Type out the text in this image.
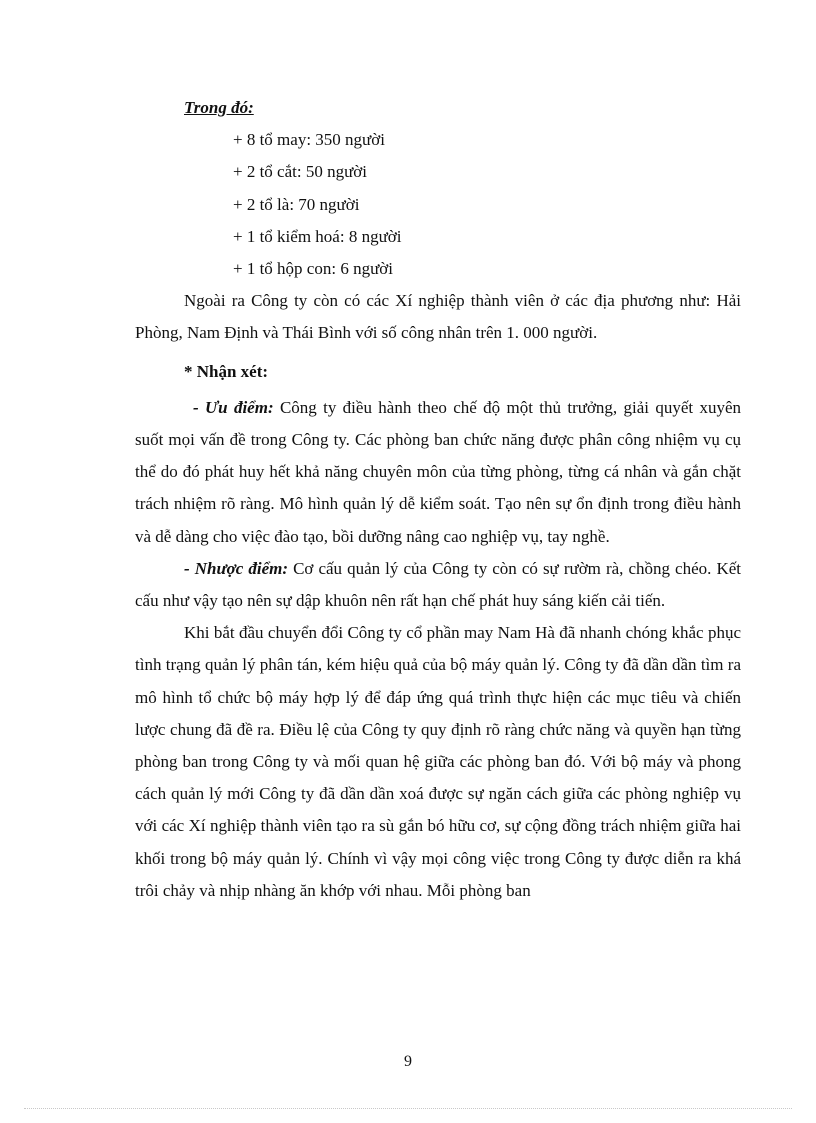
Trong đó:

+ 8 tổ may: 350 người
+ 2 tổ cắt: 50 người
+ 2 tổ là: 70 người
+ 1 tổ kiểm hoá: 8 người
+ 1 tổ hộp con: 6 người

Ngoài ra Công ty còn có các Xí nghiệp thành viên ở các địa phương như: Hải Phòng, Nam Định và Thái Bình với số công nhân trên 1. 000 người.

* Nhận xét:

- Ưu điểm: Công ty điều hành theo chế độ một thủ trưởng, giải quyết xuyên suốt mọi vấn đề trong Công ty. Các phòng ban chức năng được phân công nhiệm vụ cụ thể do đó phát huy hết khả năng chuyên môn của từng phòng, từng cá nhân và gắn chặt trách nhiệm rõ ràng. Mô hình quản lý dễ kiểm soát. Tạo nên sự ổn định trong điều hành và dễ dàng cho việc đào tạo, bồi dưỡng nâng cao nghiệp vụ, tay nghề.

- Nhược điểm: Cơ cấu quản lý của Công ty còn có sự rườm rà, chồng chéo. Kết cấu như vậy tạo nên sự dập khuôn nên rất hạn chế phát huy sáng kiến cải tiến.

Khi bắt đầu chuyển đổi Công ty cổ phần may Nam Hà đã nhanh chóng khắc phục tình trạng quản lý phân tán, kém hiệu quả của bộ máy quản lý. Công ty đã dần dần tìm ra mô hình tổ chức bộ máy hợp lý để đáp ứng quá trình thực hiện các mục tiêu và chiến lược chung đã đề ra. Điều lệ của Công ty quy định rõ ràng chức năng và quyền hạn từng phòng ban trong Công ty và mối quan hệ giữa các phòng ban đó. Với bộ máy và phong cách quản lý mới Công ty đã dần dần xoá được sự ngăn cách giữa các phòng nghiệp vụ với các Xí nghiệp thành viên tạo ra sù gắn bó hữu cơ, sự cộng đồng trách nhiệm giữa hai khối trong bộ máy quản lý. Chính vì vậy mọi công việc trong Công ty được diễn ra khá trôi chảy và nhịp nhàng ăn khớp với nhau. Mỗi phòng ban

9
